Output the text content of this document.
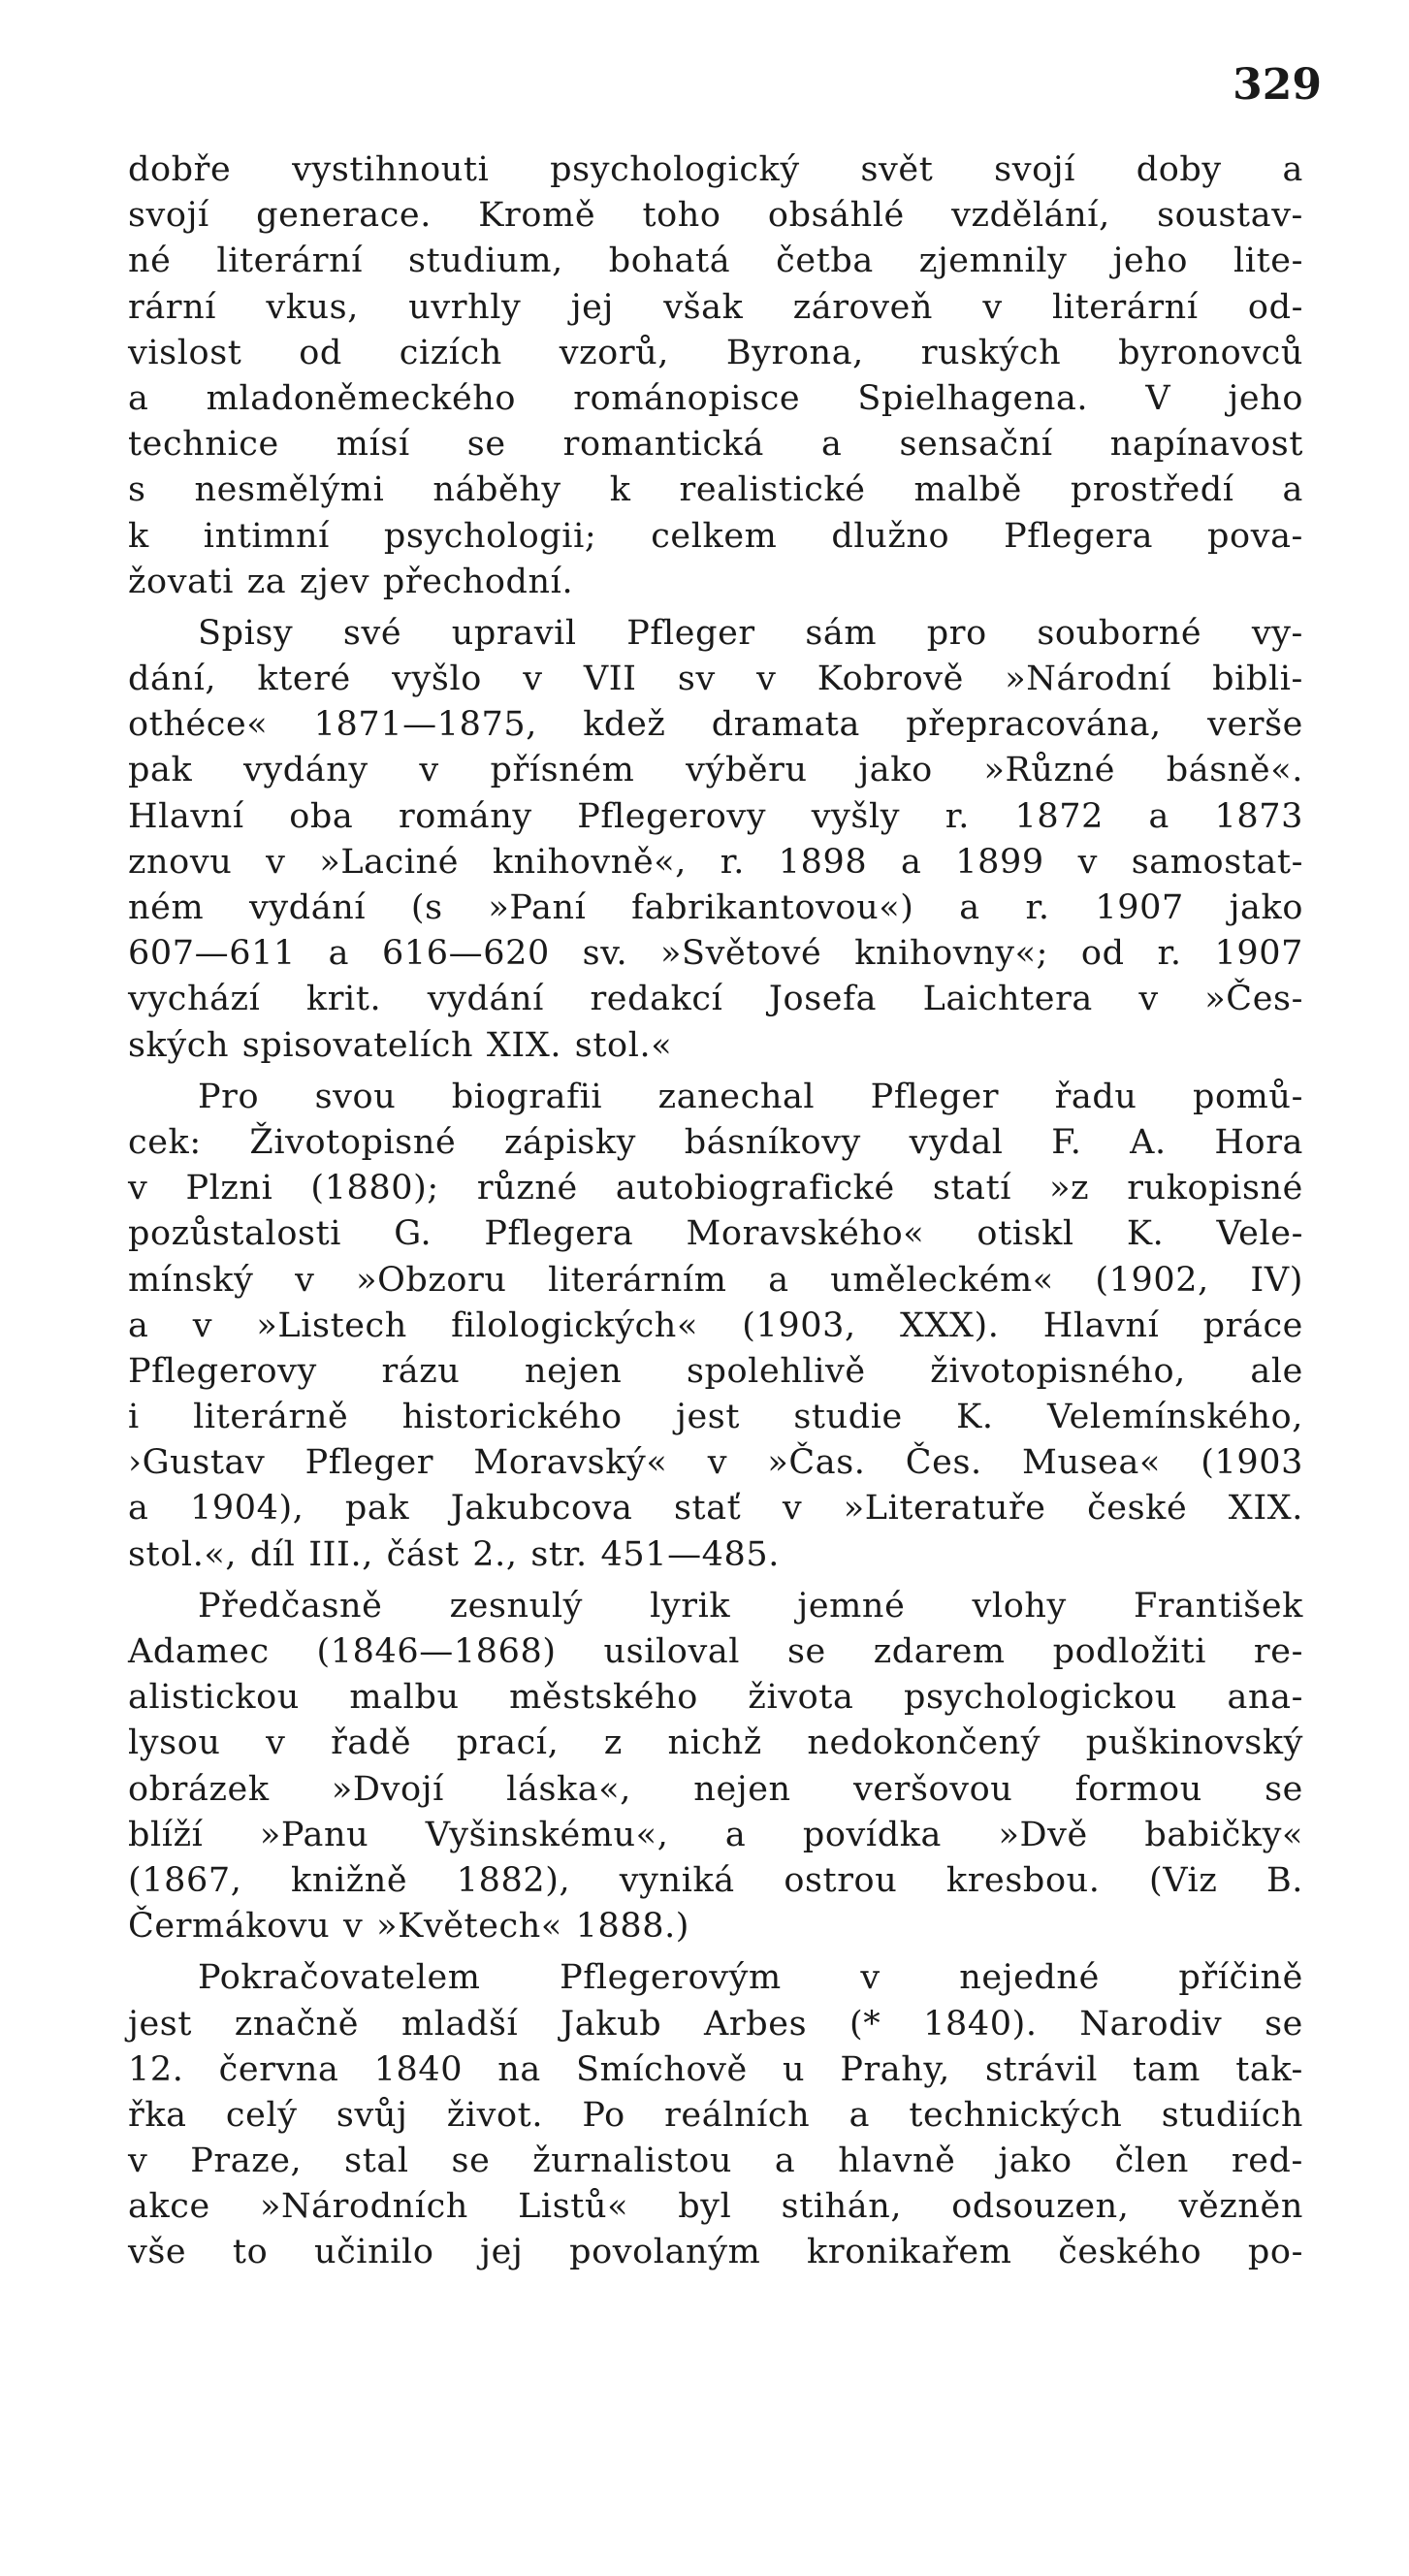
329
dobře vystihnouti psychologický svět svojí doby a
svojí generace. Kromě toho obsáhlé vzdělání, soustav-
né literární studium, bohatá četba zjemnily jeho lite-
rární vkus, uvrhly jej však zároveň v literární od-
vislost od cizích vzorů, Byrona, ruských byronovců
a mladoněmeckého románopisce Spielhagena. V jeho
technice mísí se romantická a sensační napínavost
s nesmělými náběhy k realistické malbě prostředí a
k intimní psychologii; celkem dlužno Pflegera pova-
žovati za zjev přechodní.
Spisy své upravil Pfleger sám pro souborné vy-
dání, které vyšlo v VII sv v Kobrově »Národní bibli-
othéce« 1871—1875, kdež dramata přepracována, verše
pak vydány v přísném výběru jako »Různé básně«.
Hlavní oba romány Pflegerovy vyšly r. 1872 a 1873
znovu v »Laciné knihovně«, r. 1898 a 1899 v samostat-
ném vydání (s »Paní fabrikantovou«) a r. 1907 jako
607—611 a 616—620 sv. »Světové knihovny«; od r. 1907
vychází krit. vydání redakcí Josefa Laichtera v »Čes-
ských spisovatelích XIX. stol.«
Pro svou biografii zanechal Pfleger řadu pomů-
cek: Životopisné zápisky básníkovy vydal F. A. Hora
v Plzni (1880); různé autobiografické statí »z rukopisné
pozůstalosti G. Pflegera Moravského« otiskl K. Vele-
mínský v »Obzoru literárním a uměleckém« (1902, IV)
a v »Listech filologických« (1903, XXX). Hlavní práce
Pflegerovy rázu nejen spolehlivě životopisného, ale
i literárně historického jest studie K. Velemínského,
›Gustav Pfleger Moravský« v »Čas. Čes. Musea« (1903
a 1904), pak Jakubcova stať v »Literatuře české XIX.
stol.«, díl III., část 2., str. 451—485.
Předčasně zesnulý lyrik jemné vlohy František
Adamec (1846—1868) usiloval se zdarem podložiti re-
alistickou malbu městského života psychologickou ana-
lysou v řadě prací, z nichž nedokončený puškinovský
obrázek »Dvojí láska«, nejen veršovou formou se
blíží »Panu Vyšinskému«, a povídka »Dvě babičky«
(1867, knižně 1882), vyniká ostrou kresbou. (Viz B.
Čermákovu v »Květech« 1888.)
Pokračovatelem Pflegerovým v nejedné příčině
jest značně mladší Jakub Arbes (* 1840). Narodiv se
12. června 1840 na Smíchově u Prahy, strávil tam tak-
řka celý svůj život. Po reálních a technických studiích
v Praze, stal se žurnalistou a hlavně jako člen red-
akce »Národních Listů« byl stihán, odsouzen, vězněn
vše to učinilo jej povolaným kronikařem českého po-
